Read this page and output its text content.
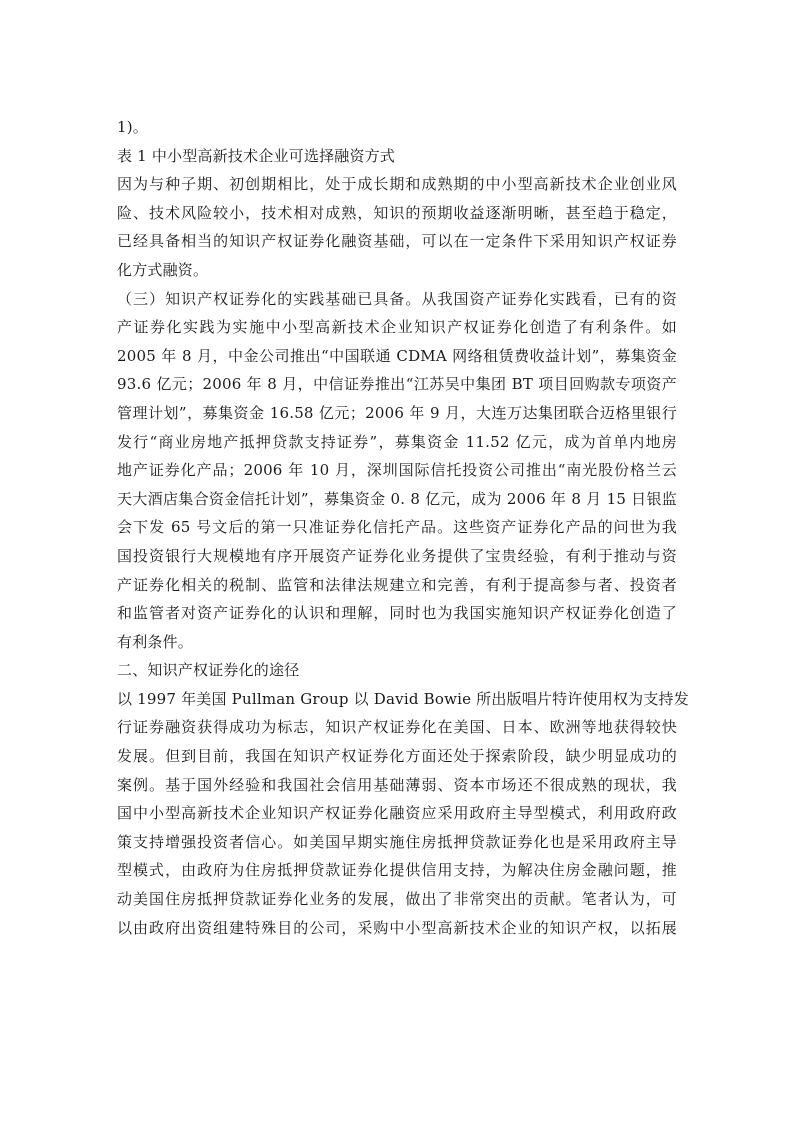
1)。
表 1 中小型高新技术企业可选择融资方式
因为与种子期、初创期相比，处于成长期和成熟期的中小型高新技术企业创业风
险、技术风险较小，技术相对成熟，知识的预期收益逐渐明晰，甚至趋于稳定，
已经具备相当的知识产权证券化融资基础，可以在一定条件下采用知识产权证券
化方式融资。
（三）知识产权证券化的实践基础已具备。从我国资产证券化实践看，已有的资
产证券化实践为实施中小型高新技术企业知识产权证券化创造了有利条件。如
2005 年 8 月，中金公司推出“中国联通 CDMA 网络租赁费收益计划”，募集资金
93.6 亿元；2006 年 8 月，中信证券推出“江苏吴中集团 BT 项目回购款专项资产
管理计划”，募集资金 16.58 亿元；2006 年 9 月，大连万达集团联合迈格里银行
发行“商业房地产抵押贷款支持证券”，募集资金 11.52 亿元，成为首单内地房
地产证券化产品；2006 年 10 月，深圳国际信托投资公司推出“南光股份格兰云
天大酒店集合资金信托计划”，募集资金 0. 8 亿元，成为 2006 年 8 月 15 日银监
会下发 65 号文后的第一只准证券化信托产品。这些资产证券化产品的问世为我
国投资银行大规模地有序开展资产证券化业务提供了宝贵经验，有利于推动与资
产证券化相关的税制、监管和法律法规建立和完善，有利于提高参与者、投资者
和监管者对资产证券化的认识和理解，同时也为我国实施知识产权证券化创造了
有利条件。
二、知识产权证券化的途径
以 1997 年美国 Pullman Group 以 David Bowie 所出版唱片特许使用权为支持发
行证券融资获得成功为标志，知识产权证券化在美国、日本、欧洲等地获得较快
发展。但到目前，我国在知识产权证券化方面还处于探索阶段，缺少明显成功的
案例。基于国外经验和我国社会信用基础薄弱、资本市场还不很成熟的现状，我
国中小型高新技术企业知识产权证券化融资应采用政府主导型模式，利用政府政
策支持增强投资者信心。如美国早期实施住房抵押贷款证券化也是采用政府主导
型模式，由政府为住房抵押贷款证券化提供信用支持，为解决住房金融问题，推
动美国住房抵押贷款证券化业务的发展，做出了非常突出的贡献。笔者认为，可
以由政府出资组建特殊目的公司，采购中小型高新技术企业的知识产权，以拓展
